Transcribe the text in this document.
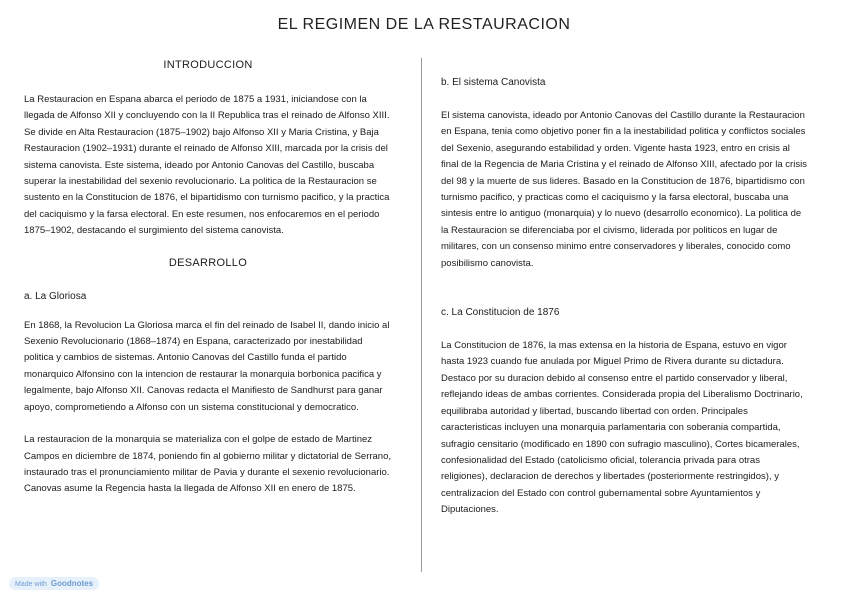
EL REGIMEN DE LA RESTAURACION
INTRODUCCION

La Restauracion en Espana abarca el periodo de 1875 a 1931, iniciandose con la llegada de Alfonso XII y concluyendo con la II Republica tras el reinado de Alfonso XIII. Se divide en Alta Restauracion (1875–1902) bajo Alfonso XII y Maria Cristina, y Baja Restauracion (1902–1931) durante el reinado de Alfonso XIII, marcada por la crisis del sistema canovista. Este sistema, ideado por Antonio Canovas del Castillo, buscaba superar la inestabilidad del sexenio revolucionario. La politica de la Restauracion se sustento en la Constitucion de 1876, el bipartidismo con turnismo pacifico, y la practica del caciquismo y la farsa electoral. En este resumen, nos enfocaremos en el periodo 1875–1902, destacando el surgimiento del sistema canovista.

DESARROLLO
a. La Gloriosa

En 1868, la Revolucion La Gloriosa marca el fin del reinado de Isabel II, dando inicio al Sexenio Revolucionario (1868–1874) en Espana, caracterizado por inestabilidad politica y cambios de sistemas. Antonio Canovas del Castillo funda el partido monarquico Alfonsino con la intencion de restaurar la monarquia borbonica pacifica y legalmente, bajo Alfonso XII. Canovas redacta el Manifiesto de Sandhurst para ganar apoyo, comprometiendo a Alfonso con un sistema constitucional y democratico.

La restauracion de la monarquia se materializa con el golpe de estado de Martinez Campos en diciembre de 1874, poniendo fin al gobierno militar y dictatorial de Serrano, instaurado tras el pronunciamiento militar de Pavia y durante el sexenio revolucionario. Canovas asume la Regencia hasta la llegada de Alfonso XII en enero de 1875.

b. El sistema Canovista

El sistema canovista, ideado por Antonio Canovas del Castillo durante la Restauracion en Espana, tenia como objetivo poner fin a la inestabilidad politica y conflictos sociales del Sexenio, asegurando estabilidad y orden. Vigente hasta 1923, entro en crisis al final de la Regencia de Maria Cristina y el reinado de Alfonso XIII, afectado por la crisis del 98 y la muerte de sus lideres. Basado en la Constitucion de 1876, bipartidismo con turnismo pacifico, y practicas como el caciquismo y la farsa electoral, buscaba una sintesis entre lo antiguo (monarquia) y lo nuevo (desarrollo economico). La politica de la Restauracion se diferenciaba por el civismo, liderada por politicos en lugar de militares, con un consenso minimo entre conservadores y liberales, conocido como posibilismo canovista.

c. La Constitucion de 1876

La Constitucion de 1876, la mas extensa en la historia de Espana, estuvo en vigor hasta 1923 cuando fue anulada por Miguel Primo de Rivera durante su dictadura. Destaco por su duracion debido al consenso entre el partido conservador y liberal, reflejando ideas de ambas corrientes. Considerada propia del Liberalismo Doctrinario, equilibraba autoridad y libertad, buscando libertad con orden. Principales caracteristicas incluyen una monarquia parlamentaria con soberania compartida, sufragio censitario (modificado en 1890 con sufragio masculino), Cortes bicamerales, confesionalidad del Estado (catolicismo oficial, tolerancia privada para otras religiones), declaracion de derechos y libertades (posteriormente restringidos), y centralizacion del Estado con control gubernamental sobre Ayuntamientos y Diputaciones.

Made with Goodnotes
